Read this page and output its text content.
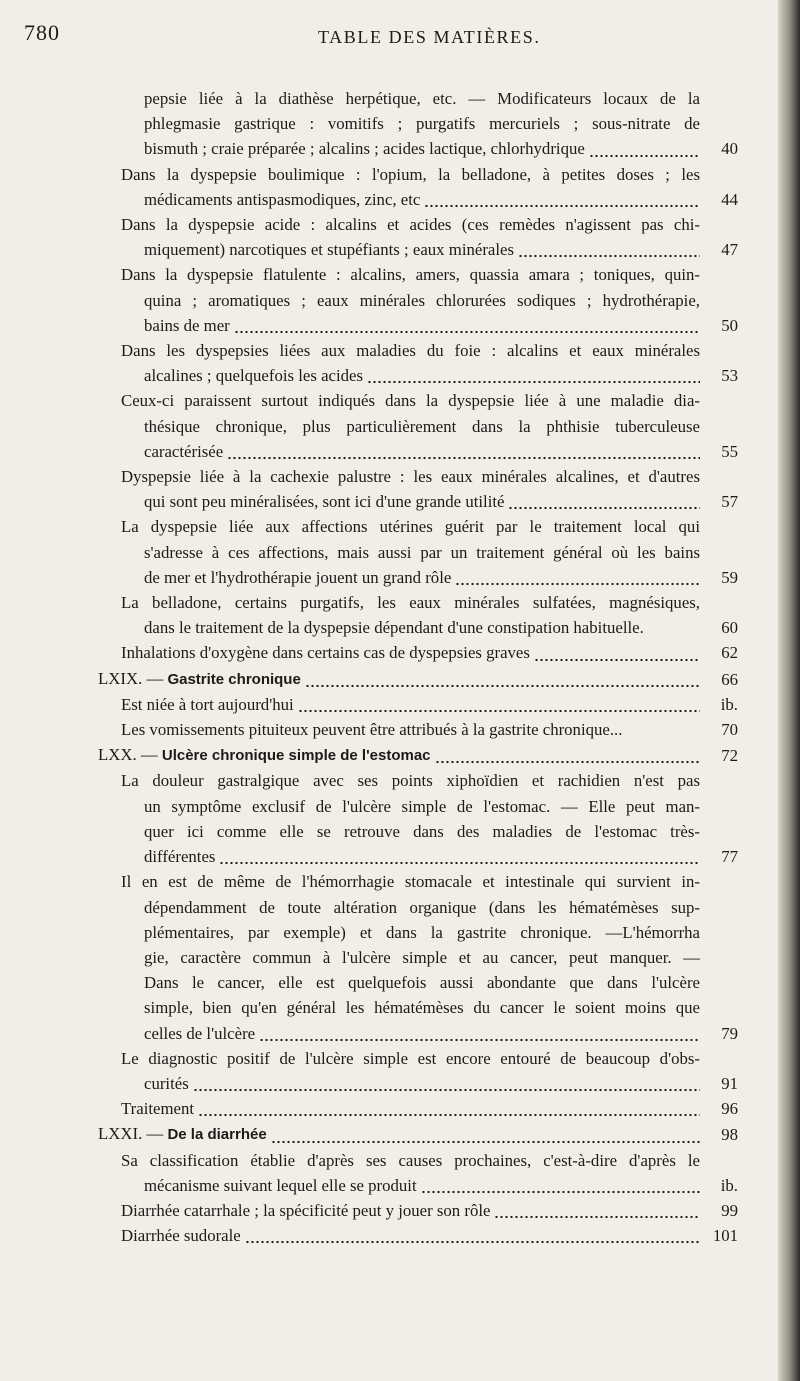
780	TABLE DES MATIÈRES.
pepsie liée à la diathèse herpétique, etc. — Modificateurs locaux de la
phlegmasie gastrique : vomitifs ; purgatifs mercuriels ; sous-nitrate de
bismuth ; craie préparée ; alcalins ; acides lactique, chlorhydrique	40
Dans la dyspepsie boulimique : l'opium, la belladone, à petites doses ; les
médicaments antispasmodiques, zinc, etc	44
Dans la dyspepsie acide : alcalins et acides (ces remèdes n'agissent pas chi-
miquement) narcotiques et stupéfiants ; eaux minérales	47
Dans la dyspepsie flatulente : alcalins, amers, quassia amara ; toniques, quin-
quina ; aromatiques ; eaux minérales chlorurées sodiques ; hydrothérapie,
bains de mer	50
Dans les dyspepsies liées aux maladies du foie : alcalins et eaux minérales
alcalines ; quelquefois les acides	53
Ceux-ci paraissent surtout indiqués dans la dyspepsie liée à une maladie dia-
thésique chronique, plus particulièrement dans la phthisie tuberculeuse
caractérisée	55
Dyspepsie liée à la cachexie palustre : les eaux minérales alcalines, et d'autres
qui sont peu minéralisées, sont ici d'une grande utilité	57
La dyspepsie liée aux affections utérines guérit par le traitement local qui
s'adresse à ces affections, mais aussi par un traitement général où les bains
de mer et l'hydrothérapie jouent un grand rôle	59
La belladone, certains purgatifs, les eaux minérales sulfatées, magnésiques,
dans le traitement de la dyspepsie dépendant d'une constipation habituelle.	60
Inhalations d'oxygène dans certains cas de dyspepsies graves	62
LXIX. — Gastrite chronique	66
Est niée à tort aujourd'hui	ib.
Les vomissements pituiteux peuvent être attribués à la gastrite chronique...	70
LXX. — Ulcère chronique simple de l'estomac	72
La douleur gastralgique avec ses points xiphoïdien et rachidien n'est pas
un symptôme exclusif de l'ulcère simple de l'estomac. — Elle peut man-
quer ici comme elle se retrouve dans des maladies de l'estomac très-
différentes	77
Il en est de même de l'hémorrhagie stomacale et intestinale qui survient in-
dépendamment de toute altération organique (dans les hématémèses sup-
plémentaires, par exemple) et dans la gastrite chronique. —L'hémorrha
gie, caractère commun à l'ulcère simple et au cancer, peut manquer. —
Dans le cancer, elle est quelquefois aussi abondante que dans l'ulcère
simple, bien qu'en général les hématémèses du cancer le soient moins que
celles de l'ulcère	79
Le diagnostic positif de l'ulcère simple est encore entouré de beaucoup d'obs-
curités	91
Traitement	96
LXXI. — De la diarrhée	98
Sa classification établie d'après ses causes prochaines, c'est-à-dire d'après le
mécanisme suivant lequel elle se produit	ib.
Diarrhée catarrhale ; la spécificité peut y jouer son rôle	99
Diarrhée sudorale	101
